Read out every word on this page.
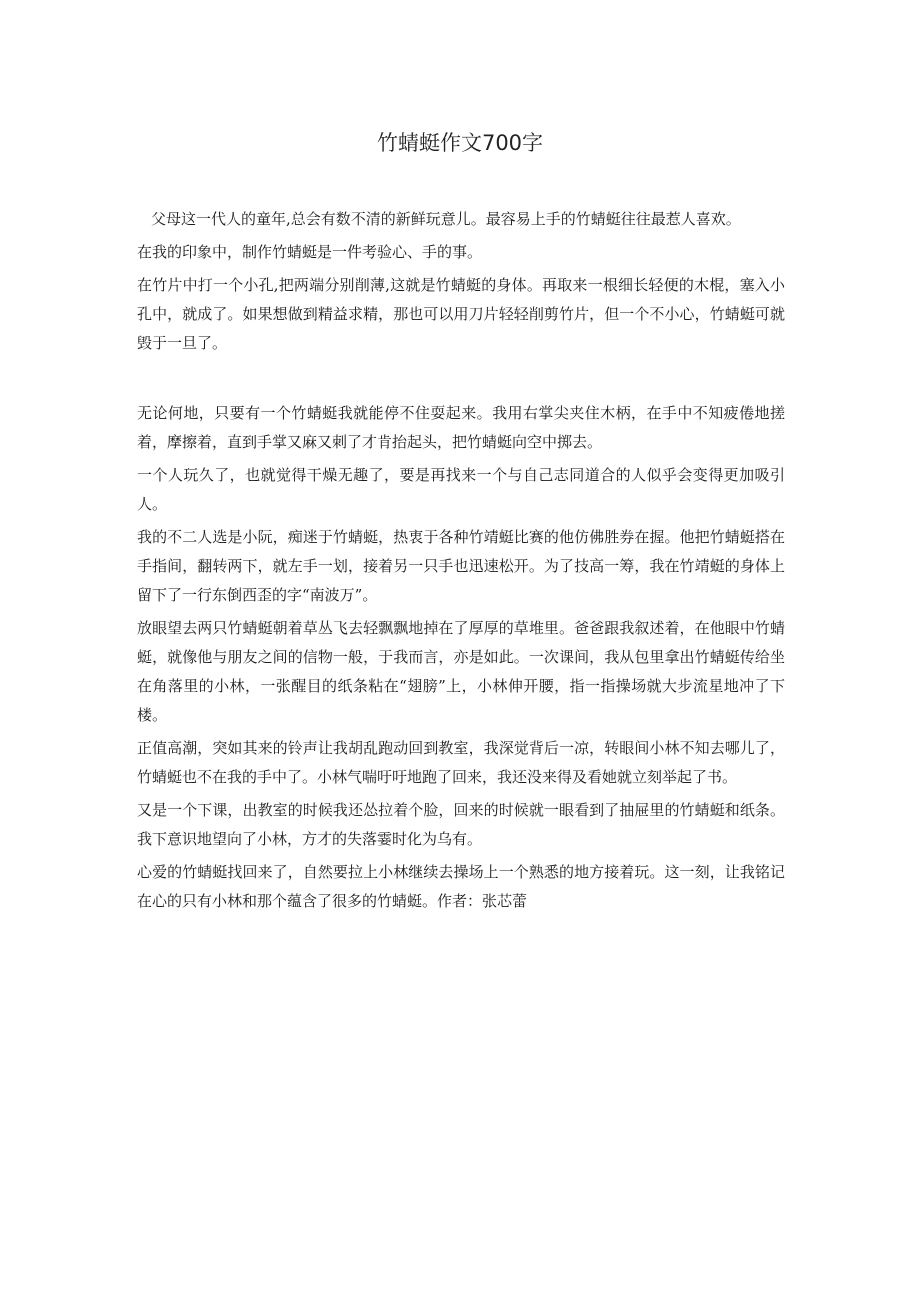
竹蜻蜓作文700字

父母这一代人的童年,总会有数不清的新鲜玩意儿。最容易上手的竹蜻蜓往往最惹人喜欢。

在我的印象中，制作竹蜻蜓是一件考验心、手的事。

在竹片中打一个小孔,把两端分别削薄,这就是竹蜻蜓的身体。再取来一根细长轻便的木棍，塞入小孔中，就成了。如果想做到精益求精，那也可以用刀片轻轻削剪竹片，但一个不小心，竹蜻蜓可就毁于一旦了。

无论何地，只要有一个竹蜻蜓我就能停不住耍起来。我用右掌尖夹住木柄，在手中不知疲倦地搓着，摩擦着，直到手掌又麻又刺了才肯抬起头，把竹蜻蜓向空中掷去。

一个人玩久了，也就觉得干燥无趣了，要是再找来一个与自己志同道合的人似乎会变得更加吸引人。

我的不二人选是小阮，痴迷于竹蜻蜓，热衷于各种竹靖蜓比赛的他仿佛胜券在握。他把竹蜻蜓搭在手指间，翻转两下，就左手一划，接着另一只手也迅速松开。为了技高一筹，我在竹靖蜓的身体上留下了一行东倒西歪的字“南波万”。

放眼望去两只竹蜻蜓朝着草丛飞去轻飘飘地掉在了厚厚的草堆里。爸爸跟我叙述着，在他眼中竹蜻蜓，就像他与朋友之间的信物一般，于我而言，亦是如此。一次课间，我从包里拿出竹蜻蜓传给坐在角落里的小林，一张醒目的纸条粘在“翅膀”上，小林伸开腰，指一指操场就大步流星地冲了下楼。

正值高潮，突如其来的铃声让我胡乱跑动回到教室，我深觉背后一凉，转眼间小林不知去哪儿了，竹蜻蜓也不在我的手中了。小林气喘吁吁地跑了回来，我还没来得及看她就立刻举起了书。

又是一个下课，出教室的时候我还怂拉着个脸，回来的时候就一眼看到了抽屉里的竹蜻蜓和纸条。我下意识地望向了小林，方才的失落霎时化为乌有。

心爱的竹蜻蜓找回来了，自然要拉上小林继续去操场上一个熟悉的地方接着玩。这一刻，让我铭记在心的只有小林和那个蕴含了很多的竹蜻蜓。作者：张芯蕾
